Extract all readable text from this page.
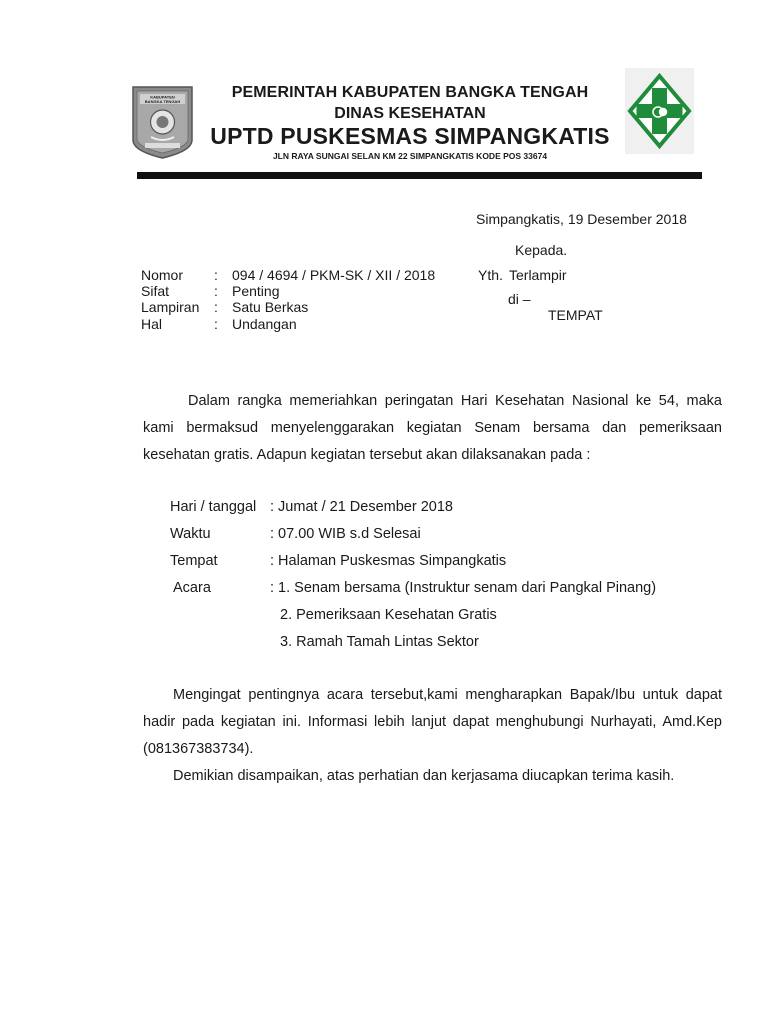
KABUPATEN
BANGKA TENGAH
PEMERINTAH KABUPATEN BANGKA TENGAH
DINAS KESEHATAN
UPTD PUSKESMAS SIMPANGKATIS
JLN RAYA SUNGAI SELAN KM 22 SIMPANGKATIS KODE POS 33674
Simpangkatis, 19 Desember 2018
Kepada.
Yth. Terlampir
di –
TEMPAT
Nomor : 094 / 4694 / PKM-SK / XII / 2018
Sifat	: Penting
Lampiran : Satu Berkas
Hal	: Undangan
Dalam rangka memeriahkan peringatan Hari Kesehatan Nasional ke 54, maka kami bermaksud menyelenggarakan kegiatan Senam bersama dan pemeriksaan kesehatan gratis. Adapun kegiatan tersebut akan dilaksanakan pada :
Hari / tanggal : Jumat / 21 Desember 2018
Waktu	: 07.00 WIB s.d Selesai
Tempat	: Halaman Puskesmas Simpangkatis
Acara	: 1. Senam bersama (Instruktur senam dari Pangkal Pinang)
2. Pemeriksaan Kesehatan Gratis
3. Ramah Tamah Lintas Sektor
Mengingat pentingnya acara tersebut,kami mengharapkan Bapak/Ibu untuk dapat hadir pada kegiatan ini. Informasi lebih lanjut dapat menghubungi Nurhayati, Amd.Kep (081367383734).
Demikian disampaikan, atas perhatian dan kerjasama diucapkan terima kasih.
